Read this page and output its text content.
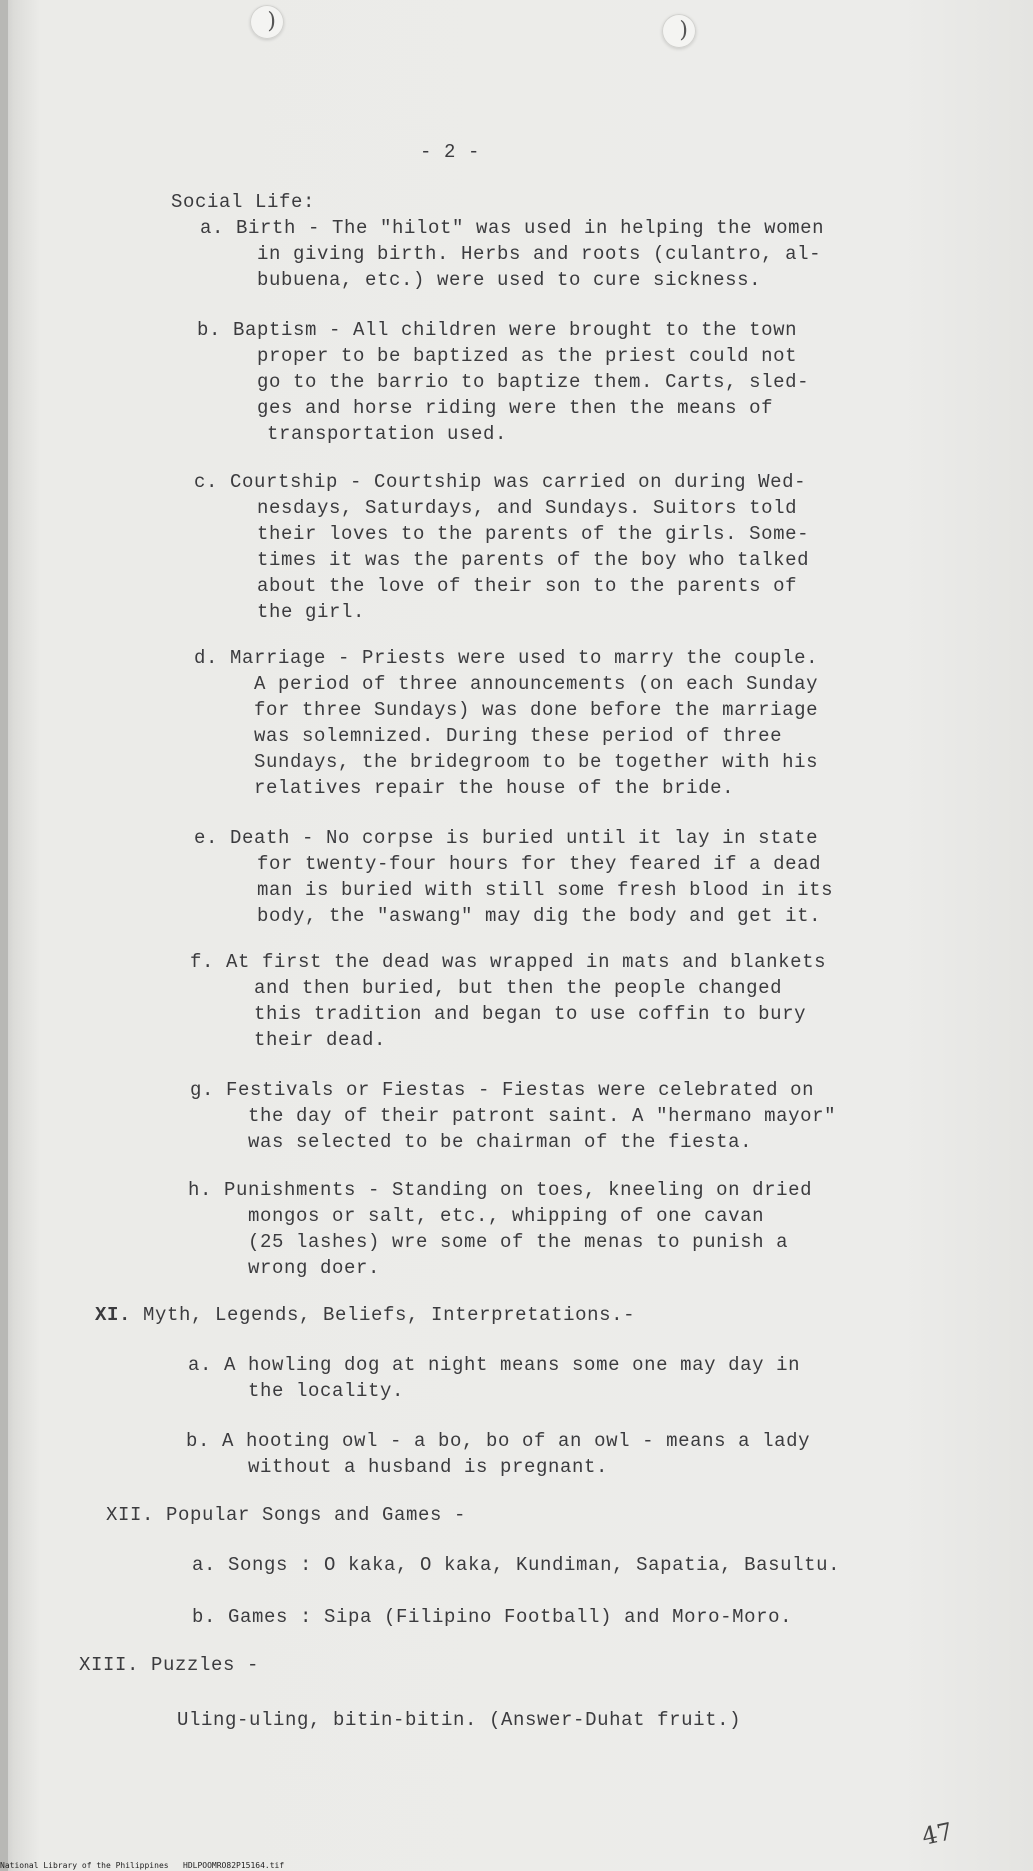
)	)
- 2 -
Social Life:
a. Birth - The "hilot" was used in helping the women
in giving birth. Herbs and roots (culantro, al-
bubuena, etc.) were used to cure sickness.
b. Baptism - All children were brought to the town
proper to be baptized as the priest could not
go to the barrio to baptize them. Carts, sled-
ges and horse riding were then the means of
transportation used.
c. Courtship - Courtship was carried on during Wed-
nesdays, Saturdays, and Sundays. Suitors told
their loves to the parents of the girls. Some-
times it was the parents of the boy who talked
about the love of their son to the parents of
the girl.
d. Marriage - Priests were used to marry the couple.
A period of three announcements (on each Sunday
for three Sundays) was done before the marriage
was solemnized. During these period of three
Sundays, the bridegroom to be together with his
relatives repair the house of the bride.
e. Death - No corpse is buried until it lay in state
for twenty-four hours for they feared if a dead
man is buried with still some fresh blood in its
body, the "aswang" may dig the body and get it.
f. At first the dead was wrapped in mats and blankets
and then buried, but then the people changed
this tradition and began to use coffin to bury
their dead.
g. Festivals or Fiestas - Fiestas were celebrated on
the day of their patront saint. A "hermano mayor"
was selected to be chairman of the fiesta.
h. Punishments - Standing on toes, kneeling on dried
mongos or salt, etc., whipping of one cavan
(25 lashes) wre some of the menas to punish a
wrong doer.
XI. Myth, Legends, Beliefs, Interpretations.-
a. A howling dog at night means some one may day in
the locality.
b. A hooting owl - a bo, bo of an owl - means a lady
without a husband is pregnant.
XII. Popular Songs and Games -
a. Songs : O kaka, O kaka, Kundiman, Sapatia, Basultu.
b. Games : Sipa (Filipino Football) and Moro-Moro.
XIII. Puzzles -
Uling-uling, bitin-bitin. (Answer-Duhat fruit.)
47
National Library of the Philippines   HDLPOOMRO82P15164.tif
